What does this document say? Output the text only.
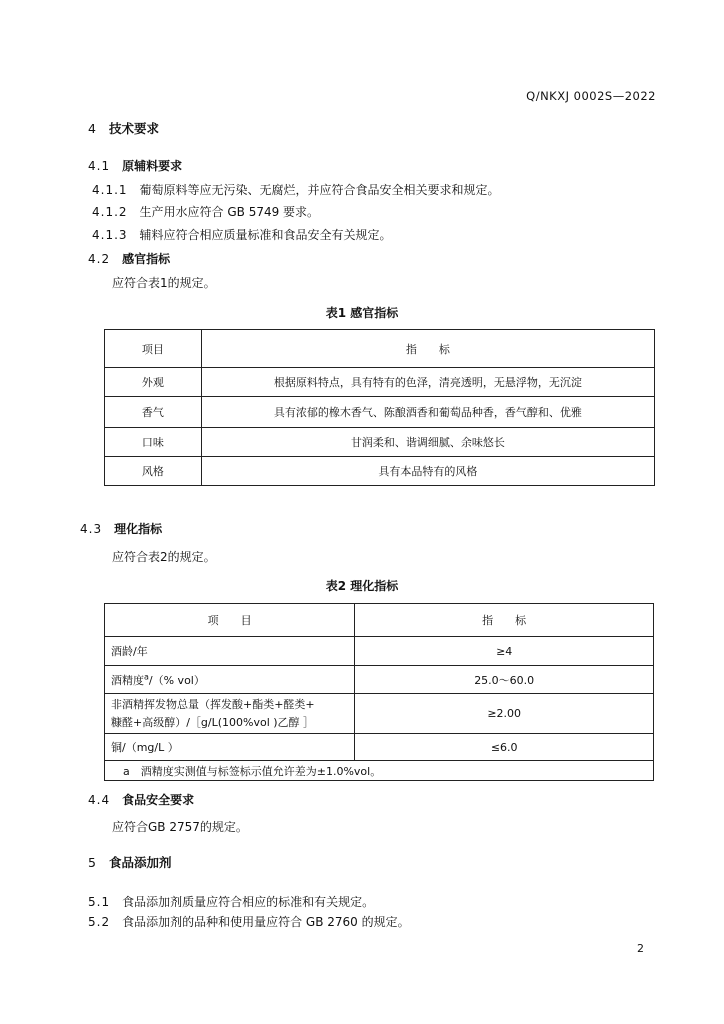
Q/NKXJ 0002S—2022
4 技术要求
4.1 原辅料要求
4.1.1 葡萄原料等应无污染、无腐烂，并应符合食品安全相关要求和规定。
4.1.2 生产用水应符合 GB 5749 要求。
4.1.3 辅料应符合相应质量标准和食品安全有关规定。
4.2 感官指标
应符合表1的规定。
表1 感官指标
项目	指　　标
外观	根据原料特点，具有特有的色泽，清亮透明，无悬浮物，无沉淀
香气	具有浓郁的橡木香气、陈酿酒香和葡萄品种香，香气醇和、优雅
口味	甘润柔和、谐调细腻、余味悠长
风格	具有本品特有的风格
4.3 理化指标
应符合表2的规定。
表2 理化指标
项　　目	指　　标
酒龄/年	≥4
酒精度$^a$/（% vol）	25.0～60.0

非酒精挥发物总量（挥发酸+酯类+醛类+
糠醛+高级醇）/［g/L(100%vol )乙醇 ］	≥2.00
铜/（mg/L ）	≤6.0
a　酒精度实测值与标签标示值允许差为±1.0%vol。	
4.4 食品安全要求
应符合GB 2757的规定。
5 食品添加剂
5.1 食品添加剂质量应符合相应的标准和有关规定。
5.2 食品添加剂的品种和使用量应符合 GB 2760 的规定。
2
